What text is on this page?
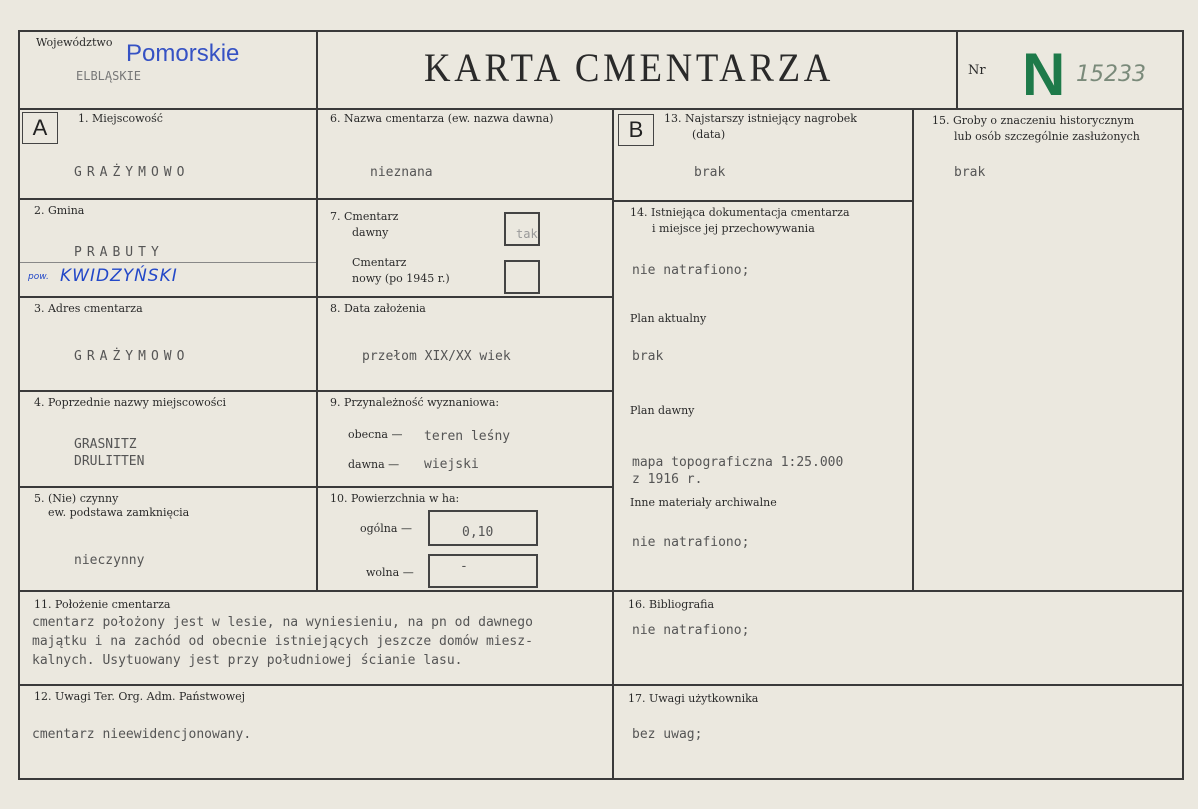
Województwo Pomorskie
ELBLĄSKIE	KARTA CMENTARZA	Nr N 15233
A	1. Miejscowość
GRAŻYMOWO
2. Gmina
PRABUTY
pow. KWIDZYŃSKI
3. Adres cmentarza
GRAŻYMOWO
4. Poprzednie nazwy miejscowości
GRASNITZ
DRULITTEN
5. (Nie) czynny
ew. podstawa zamknięcia
nieczynny
6. Nazwa cmentarza (ew. nazwa dawna)
nieznana
7. Cmentarz
dawny	tak
Cmentarz
nowy (po 1945 r.)
8. Data założenia
przełom XIX/XX wiek
9. Przynależność wyznaniowa:
obecna — teren leśny
dawna — wiejski
10. Powierzchnia w ha:
ogólna —	0,10
wolna —	-
B	13. Najstarszy istniejący nagrobek
(data)
brak
14. Istniejąca dokumentacja cmentarza
i miejsce jej przechowywania
nie natrafiono;
Plan aktualny
brak
Plan dawny
mapa topograficzna 1:25.000
z 1916 r.
Inne materiały archiwalne
nie natrafiono;
15. Groby o znaczeniu historycznym
lub osób szczególnie zasłużonych
brak
11. Położenie cmentarza
cmentarz położony jest w lesie, na wyniesieniu, na pn od dawnego
majątku i na zachód od obecnie istniejących jeszcze domów miesz-
kalnych. Usytuowany jest przy południowej ścianie lasu.
16. Bibliografia
nie natrafiono;
12. Uwagi Ter. Org. Adm. Państwowej
cmentarz nieewidencjonowany.
17. Uwagi użytkownika
bez uwag;
